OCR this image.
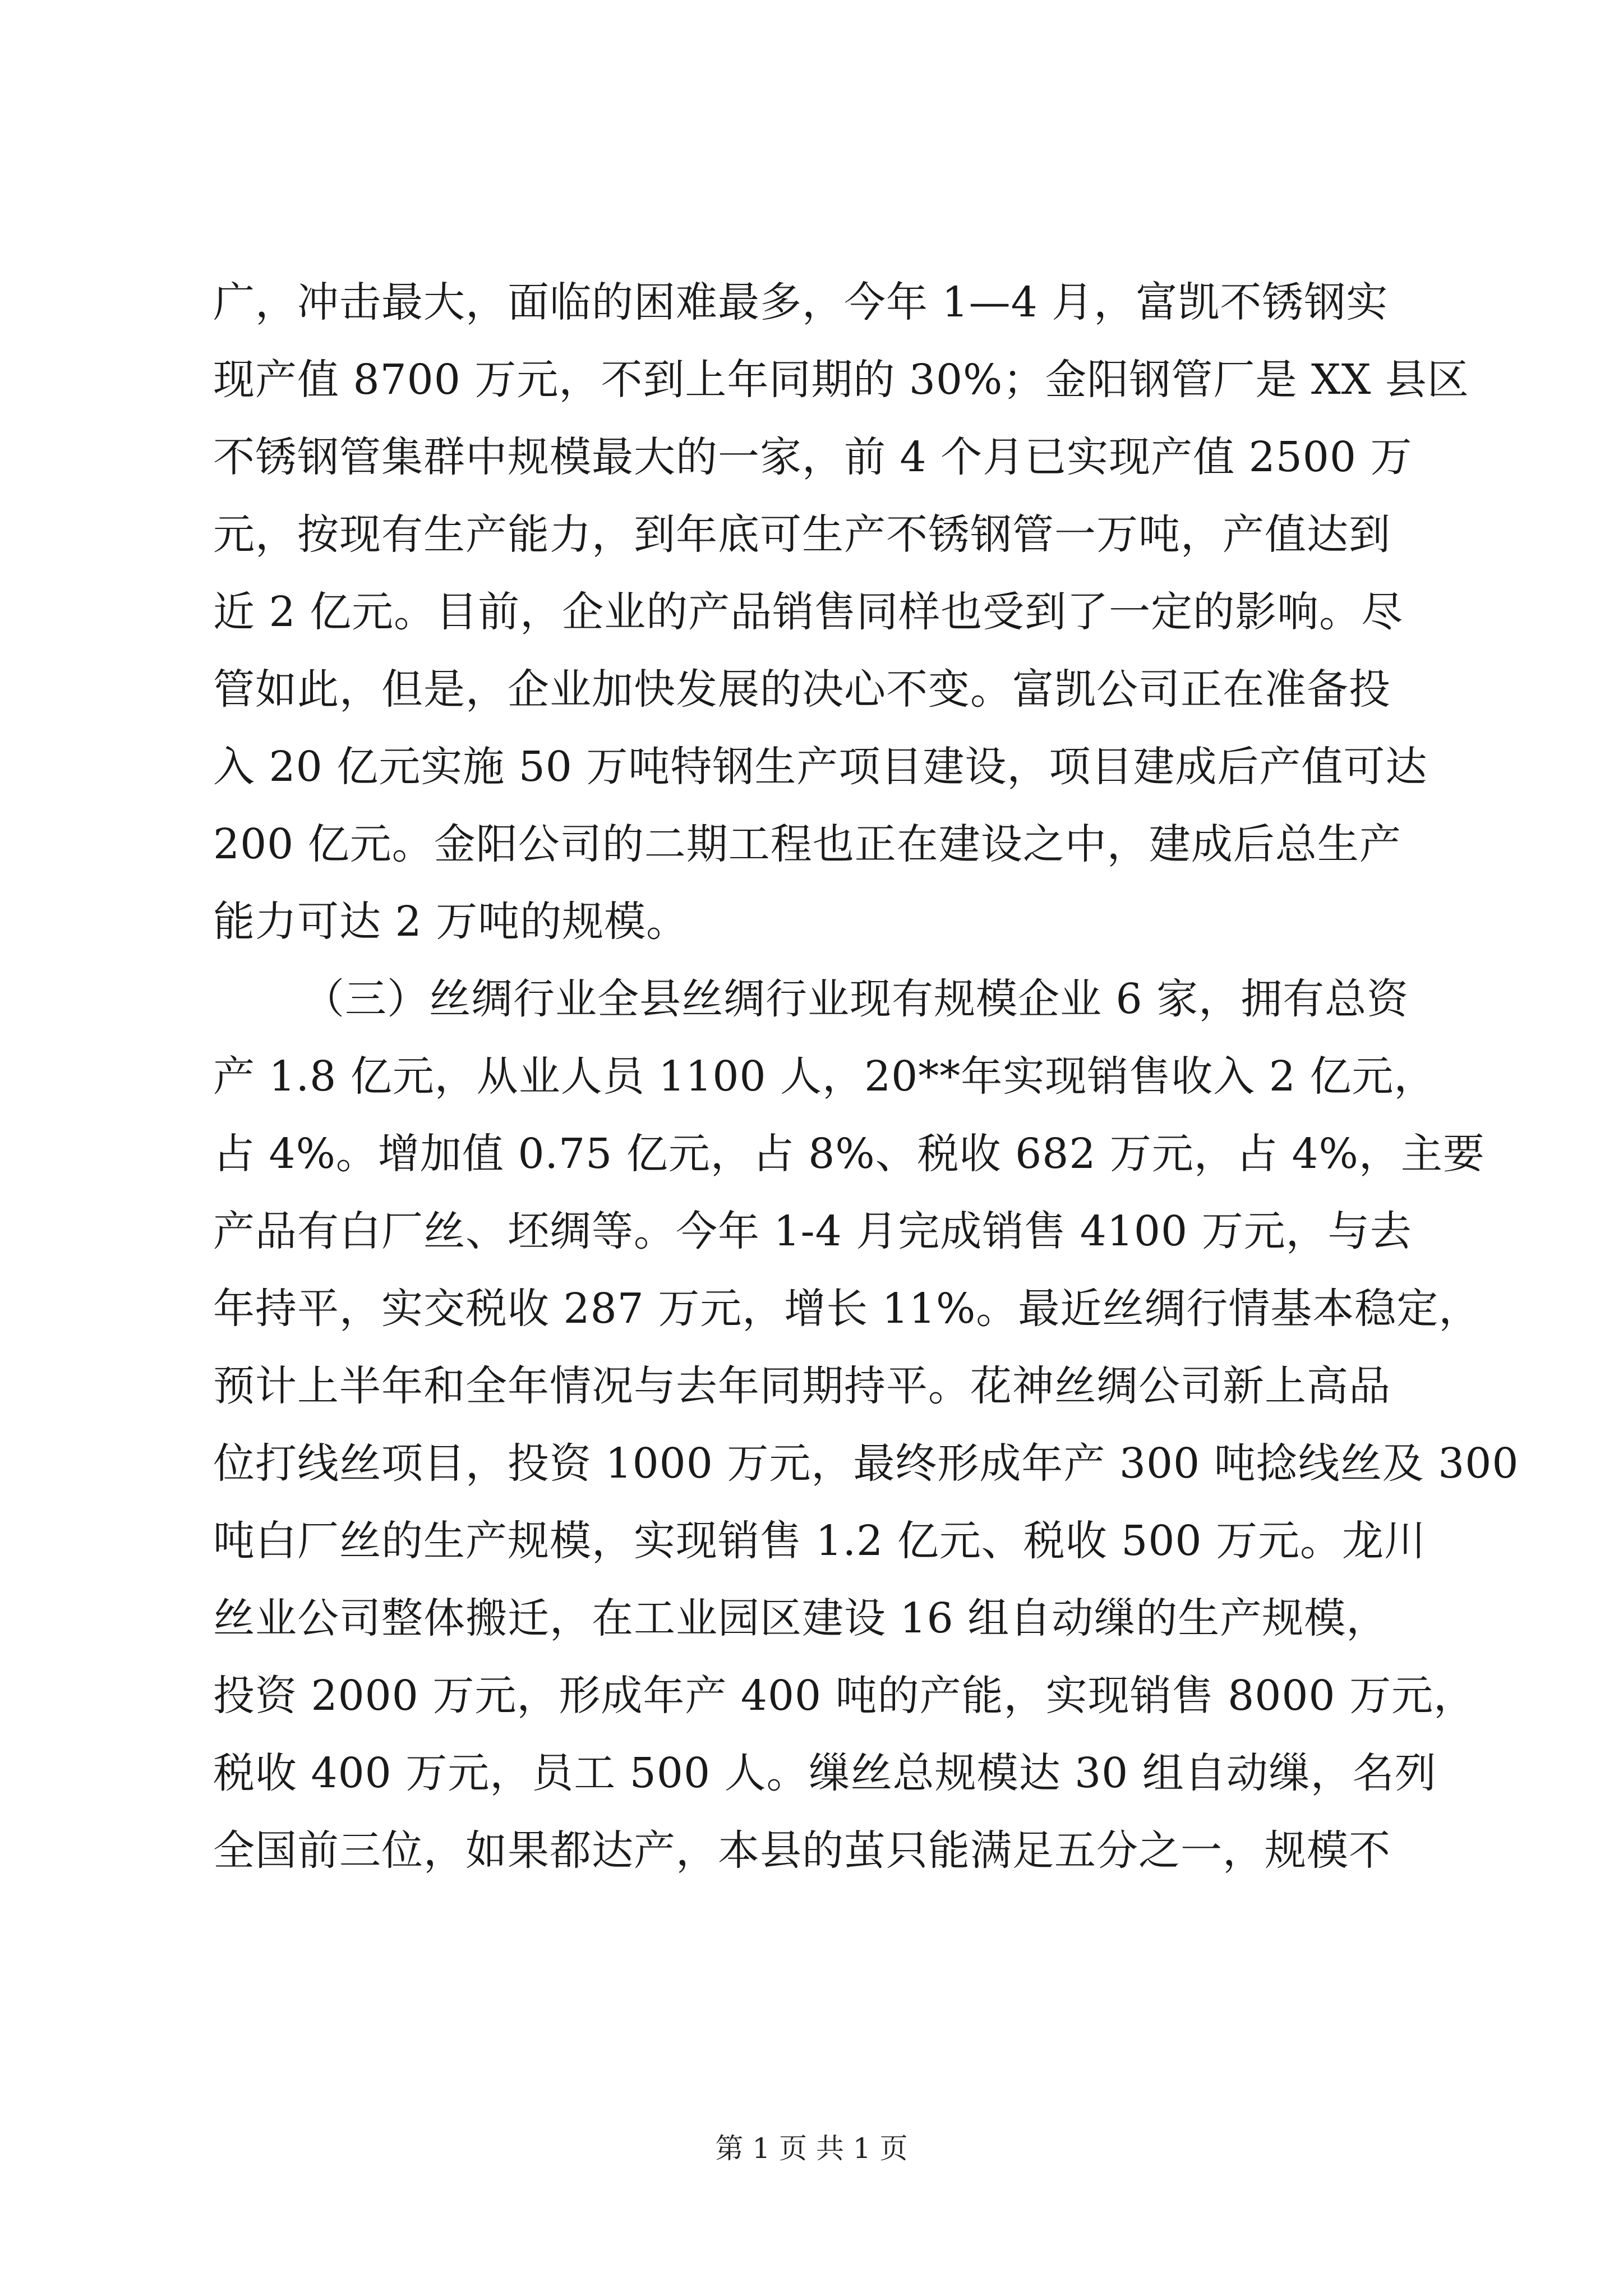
广，冲击最大，面临的困难最多，今年 1—4 月，富凯不锈钢实
现产值 8700 万元，不到上年同期的 30%；金阳钢管厂是 XX 县区
不锈钢管集群中规模最大的一家，前 4 个月已实现产值 2500 万
元，按现有生产能力，到年底可生产不锈钢管一万吨，产值达到
近 2 亿元。目前，企业的产品销售同样也受到了一定的影响。尽
管如此，但是，企业加快发展的决心不变。富凯公司正在准备投
入 20 亿元实施 50 万吨特钢生产项目建设，项目建成后产值可达
200 亿元。金阳公司的二期工程也正在建设之中，建成后总生产
能力可达 2 万吨的规模。
（三）丝绸行业全县丝绸行业现有规模企业 6 家，拥有总资
产 1.8 亿元，从业人员 1100 人，20**年实现销售收入 2 亿元，
占 4%。增加值 0.75 亿元，占 8%、税收 682 万元，占 4%，主要
产品有白厂丝、坯绸等。今年 1-4 月完成销售 4100 万元，与去
年持平，实交税收 287 万元，增长 11%。最近丝绸行情基本稳定，
预计上半年和全年情况与去年同期持平。花神丝绸公司新上高品
位打线丝项目，投资 1000 万元，最终形成年产 300 吨捻线丝及 300
吨白厂丝的生产规模，实现销售 1.2 亿元、税收 500 万元。龙川
丝业公司整体搬迁，在工业园区建设 16 组自动缫的生产规模，
投资 2000 万元，形成年产 400 吨的产能，实现销售 8000 万元，
税收 400 万元，员工 500 人。缫丝总规模达 30 组自动缫，名列
全国前三位，如果都达产，本县的茧只能满足五分之一，规模不
第 1 页 共 1 页
